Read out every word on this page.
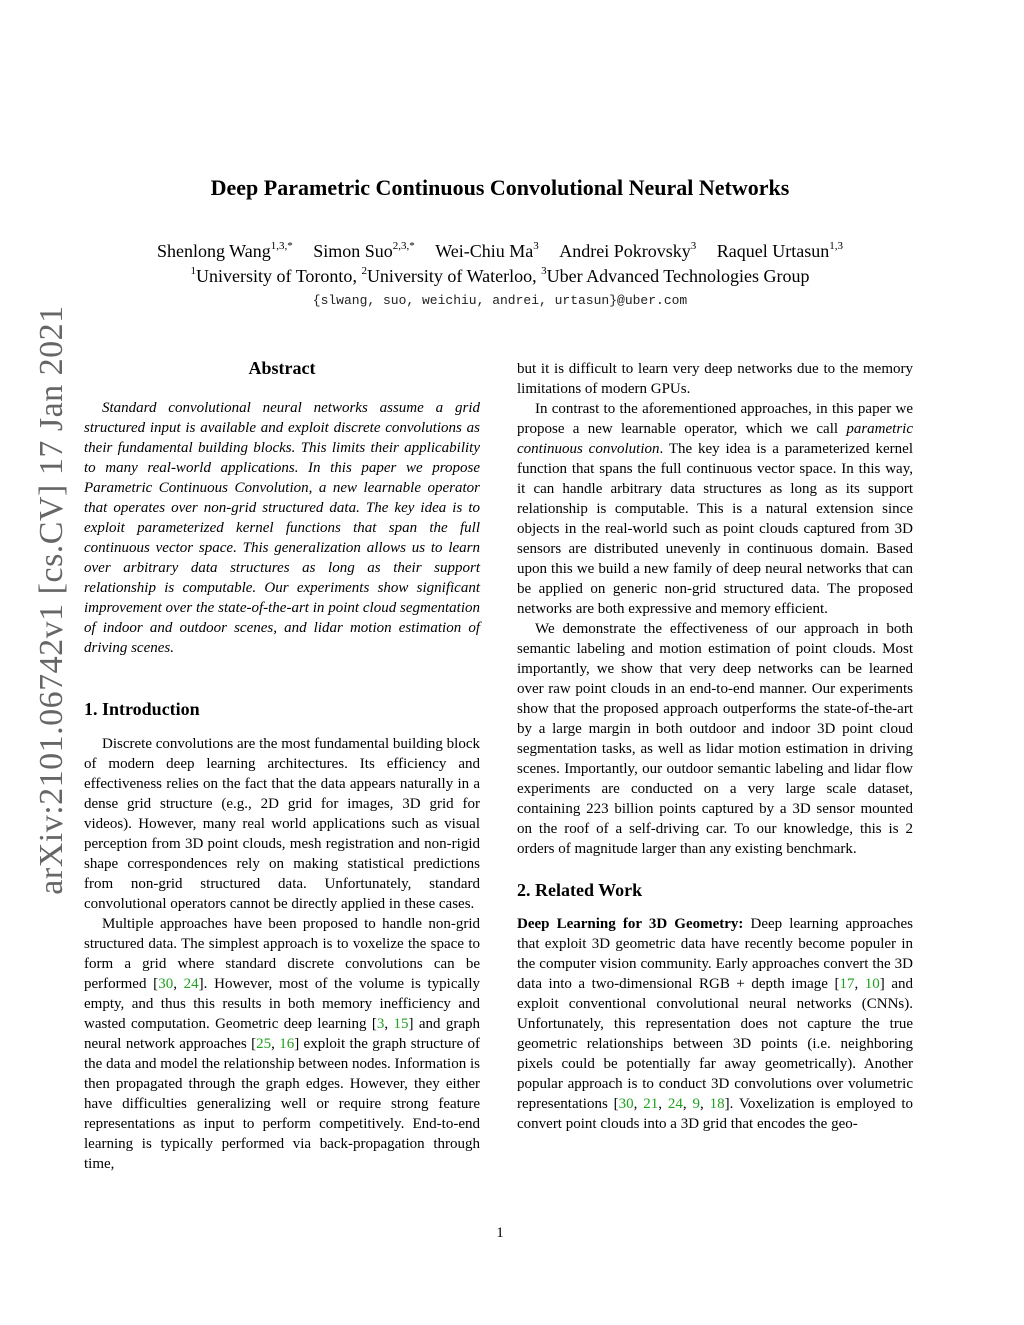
Deep Parametric Continuous Convolutional Neural Networks
Shenlong Wang$^{1,3,*}$ Simon Suo$^{2,3,*}$ Wei-Chiu Ma$^3$ Andrei Pokrovsky$^3$ Raquel Urtasun$^{1,3}$
$^1$University of Toronto, $^2$University of Waterloo, $^3$Uber Advanced Technologies Group
{slwang, suo, weichiu, andrei, urtasun}@uber.com
arXiv:2101.06742v1 [cs.CV] 17 Jan 2021	Abstract

Standard convolutional neural networks assume a grid structured input is available and exploit discrete convolutions as their fundamental building blocks. This limits their applicability to many real-world applications. In this paper we propose Parametric Continuous Convolution, a new learnable operator that operates over non-grid structured data. The key idea is to exploit parameterized kernel functions that span the full continuous vector space. This generalization allows us to learn over arbitrary data structures as long as their support relationship is computable. Our experiments show significant improvement over the state-of-the-art in point cloud segmentation of indoor and outdoor scenes, and lidar motion estimation of driving scenes.

1. Introduction

Discrete convolutions are the most fundamental building block of modern deep learning architectures. Its efficiency and effectiveness relies on the fact that the data appears naturally in a dense grid structure (e.g., 2D grid for images, 3D grid for videos). However, many real world applications such as visual perception from 3D point clouds, mesh registration and non-rigid shape correspondences rely on making statistical predictions from non-grid structured data. Unfortunately, standard convolutional operators cannot be directly applied in these cases.

Multiple approaches have been proposed to handle non-grid structured data. The simplest approach is to voxelize the space to form a grid where standard discrete convolutions can be performed [30, 24]. However, most of the volume is typically empty, and thus this results in both memory inefficiency and wasted computation. Geometric deep learning [3, 15] and graph neural network approaches [25, 16] exploit the graph structure of the data and model the relationship between nodes. Information is then propagated through the graph edges. However, they either have difficulties generalizing well or require strong feature representations as input to perform competitively. End-to-end learning is typically performed via back-propagation through time,

but it is difficult to learn very deep networks due to the memory limitations of modern GPUs.

In contrast to the aforementioned approaches, in this paper we propose a new learnable operator, which we call parametric continuous convolution. The key idea is a parameterized kernel function that spans the full continuous vector space. In this way, it can handle arbitrary data structures as long as its support relationship is computable. This is a natural extension since objects in the real-world such as point clouds captured from 3D sensors are distributed unevenly in continuous domain. Based upon this we build a new family of deep neural networks that can be applied on generic non-grid structured data. The proposed networks are both expressive and memory efficient.

We demonstrate the effectiveness of our approach in both semantic labeling and motion estimation of point clouds. Most importantly, we show that very deep networks can be learned over raw point clouds in an end-to-end manner. Our experiments show that the proposed approach outperforms the state-of-the-art by a large margin in both outdoor and indoor 3D point cloud segmentation tasks, as well as lidar motion estimation in driving scenes. Importantly, our outdoor semantic labeling and lidar flow experiments are conducted on a very large scale dataset, containing 223 billion points captured by a 3D sensor mounted on the roof of a self-driving car. To our knowledge, this is 2 orders of magnitude larger than any existing benchmark.

2. Related Work

Deep Learning for 3D Geometry: Deep learning approaches that exploit 3D geometric data have recently become populer in the computer vision community. Early approaches convert the 3D data into a two-dimensional RGB + depth image [17, 10] and exploit conventional convolutional neural networks (CNNs). Unfortunately, this representation does not capture the true geometric relationships between 3D points (i.e. neighboring pixels could be potentially far away geometrically). Another popular approach is to conduct 3D convolutions over volumetric representations [30, 21, 24, 9, 18]. Voxelization is employed to convert point clouds into a 3D grid that encodes the geo-

1
